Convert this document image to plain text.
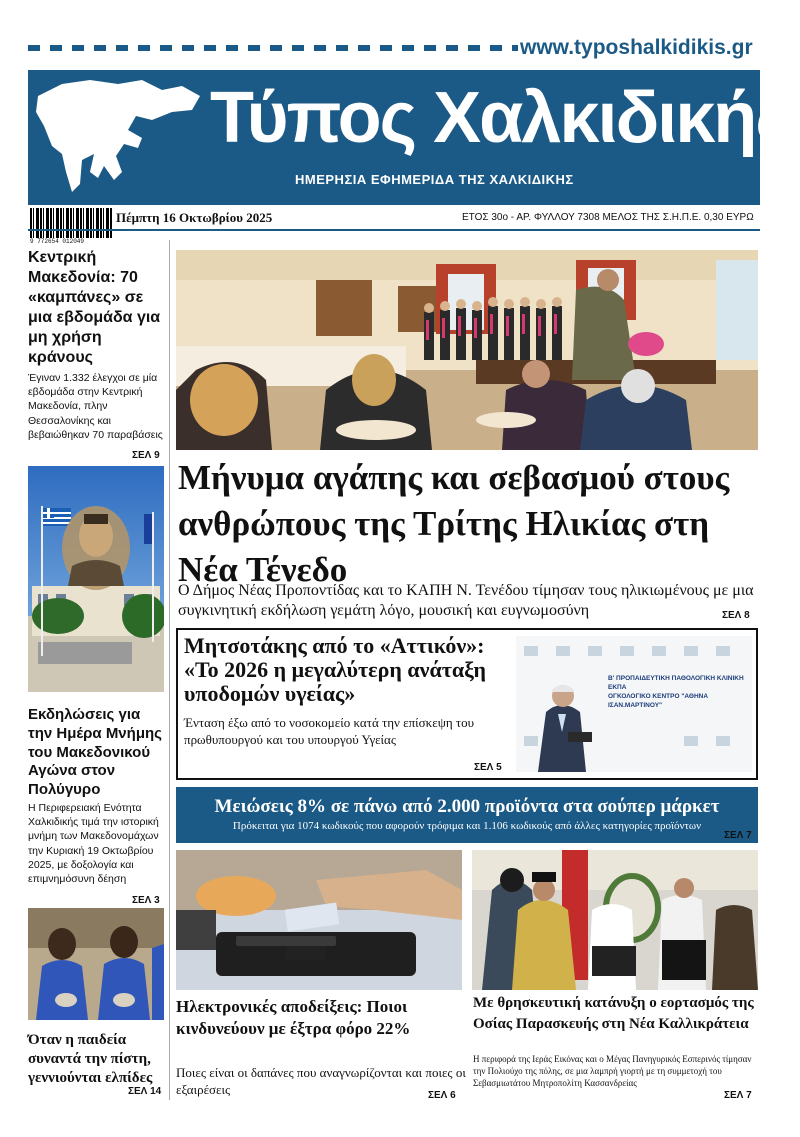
www.typoshalkidikis.gr
Τύπος Χαλκιδικής
ΗΜΕΡΗΣΙΑ ΕΦΗΜΕΡΙΔΑ ΤΗΣ ΧΑΛΚΙΔΙΚΗΣ
9 772654 012049
Πέμπτη 16 Οκτωβρίου 2025	ΕΤΟΣ 30ο - ΑΡ. ΦΥΛΛΟΥ 7308 ΜΕΛΟΣ ΤΗΣ Σ.Η.Π.Ε. 0,30 ΕΥΡΩ
Κεντρική Μακεδονία: 70 «καμπάνες» σε μια εβδομάδα για μη χρήση κράνους
Έγιναν 1.332 έλεγχοι σε μία εβδομάδα στην Κεντρική Μακεδονία, πλην Θεσσαλονίκης και βεβαιώθηκαν 70 παραβάσεις
ΣΕΛ 9
Εκδηλώσεις για την Ημέρα Μνήμης του Μακεδονικού Αγώνα στον Πολύγυρο
Η Περιφερειακή Ενότητα Χαλκιδικής τιμά την ιστορική μνήμη των Μακεδονομάχων την Κυριακή 19 Οκτωβρίου 2025, με δοξολογία και επιμνημόσυνη δέηση
ΣΕΛ 3
Όταν η παιδεία συναντά την πίστη, γεννιούνται ελπίδες
ΣΕΛ 14
Μήνυμα αγάπης και σεβασμού στους ανθρώπους της Τρίτης Ηλικίας στη Νέα Τένεδο
Ο Δήμος Νέας Προποντίδας και το ΚΑΠΗ Ν. Τενέδου τίμησαν τους ηλικιωμένους με μια συγκινητική εκδήλωση γεμάτη λόγο, μουσική και ευγνωμοσύνη	ΣΕΛ 8
Μητσοτάκης από το «Αττικόν»: «Το 2026 η μεγαλύτερη ανάταξη υποδομών υγείας»
Ένταση έξω από το νοσοκομείο κατά την επίσκεψη του πρωθυπουργού και του υπουργού Υγείας
ΣΕΛ 5
Β' ΠΡΟΠΑΙΔΕΥΤΙΚΗ ΠΑΘΟΛΟΓΙΚΗ ΚΛΙΝΙΚΗ ΕΚΠΑ
ΟΓΚΟΛΟΓΙΚΟ ΚΕΝΤΡΟ "ΑΘΗΝΑ ΙΣΑΝ.ΜΑΡΤΙΝΟΥ"
Μειώσεις 8% σε πάνω από 2.000 προϊόντα στα σούπερ μάρκετ
Πρόκειται για 1074 κωδικούς που αφορούν τρόφιμα και 1.106 κωδικούς από άλλες κατηγορίες προϊόντων
ΣΕΛ 7
Ηλεκτρονικές αποδείξεις: Ποιοι κινδυνεύουν με έξτρα φόρο 22%
Ποιες είναι οι δαπάνες που αναγνωρίζονται και ποιες οι εξαιρέσεις	ΣΕΛ 6
Με θρησκευτική κατάνυξη ο εορτασμός της Οσίας Παρασκευής στη Νέα Καλλικράτεια
Η περιφορά της Ιεράς Εικόνας και ο Μέγας Πανηγυρικός Εσπερινός τίμησαν την Πολιούχο της πόλης, σε μια λαμπρή γιορτή με τη συμμετοχή του Σεβασμιωτάτου Μητροπολίτη Κασσανδρείας
ΣΕΛ 7
